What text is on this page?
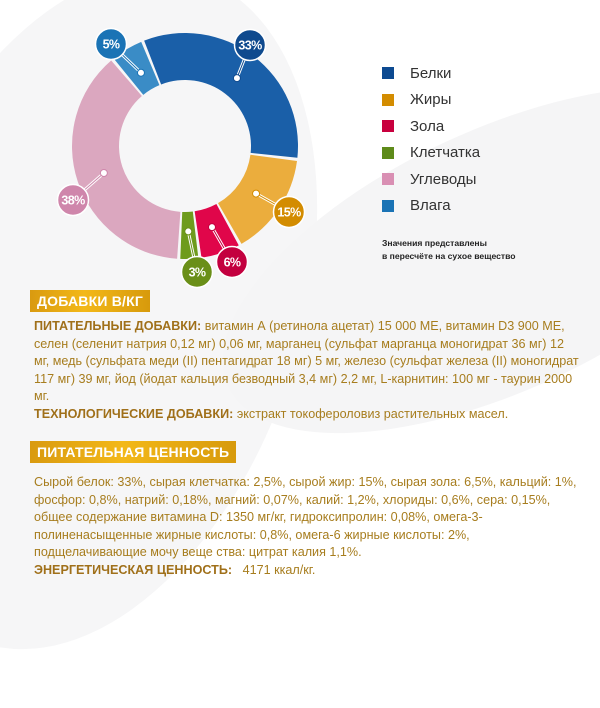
33%
15%
6%
3%
38%
5%
Белки
Жиры
Зола
Клетчатка
Углеводы
Влага
Значения представлены
в пересчёте на сухое вещество
ДОБАВКИ В/КГ
ПИТАТЕЛЬНЫЕ ДОБАВКИ: витамин А (ретинола ацетат) 15 000 МЕ, витамин D3 900 МЕ, селен (селенит натрия 0,12 мг) 0,06 мг, марганец (сульфат марганца моногидрат 36 мг) 12 мг, медь (сульфата меди (II) пентагидрат 18 мг) 5 мг, железо (сульфат железа (II) моногидрат 117 мг) 39 мг, йод (йодат кальция безводный 3,4 мг) 2,2 мг, L-карнитин: 100 мг - таурин 2000 мг.
ТЕХНОЛОГИЧЕСКИЕ ДОБАВКИ: экстракт токофероловиз растительных масел.
ПИТАТЕЛЬНАЯ ЦЕННОСТЬ
Сырой белок: 33%, сырая клетчатка: 2,5%, сырой жир: 15%, сырая зола: 6,5%, кальций: 1%, фосфор: 0,8%, натрий: 0,18%, магний: 0,07%, калий: 1,2%, хлориды: 0,6%, сера: 0,15%, общее содержание витамина D: 1350 мг/кг, гидроксипролин: 0,08%, омега-3-полиненасыщенные жирные кислоты: 0,8%, омега-6 жирные кислоты: 2%, подщелачивающие мочу веще ства: цитрат калия 1,1%.
ЭНЕРГЕТИЧЕСКАЯ ЦЕННОСТЬ:   4171 ккал/кг.
